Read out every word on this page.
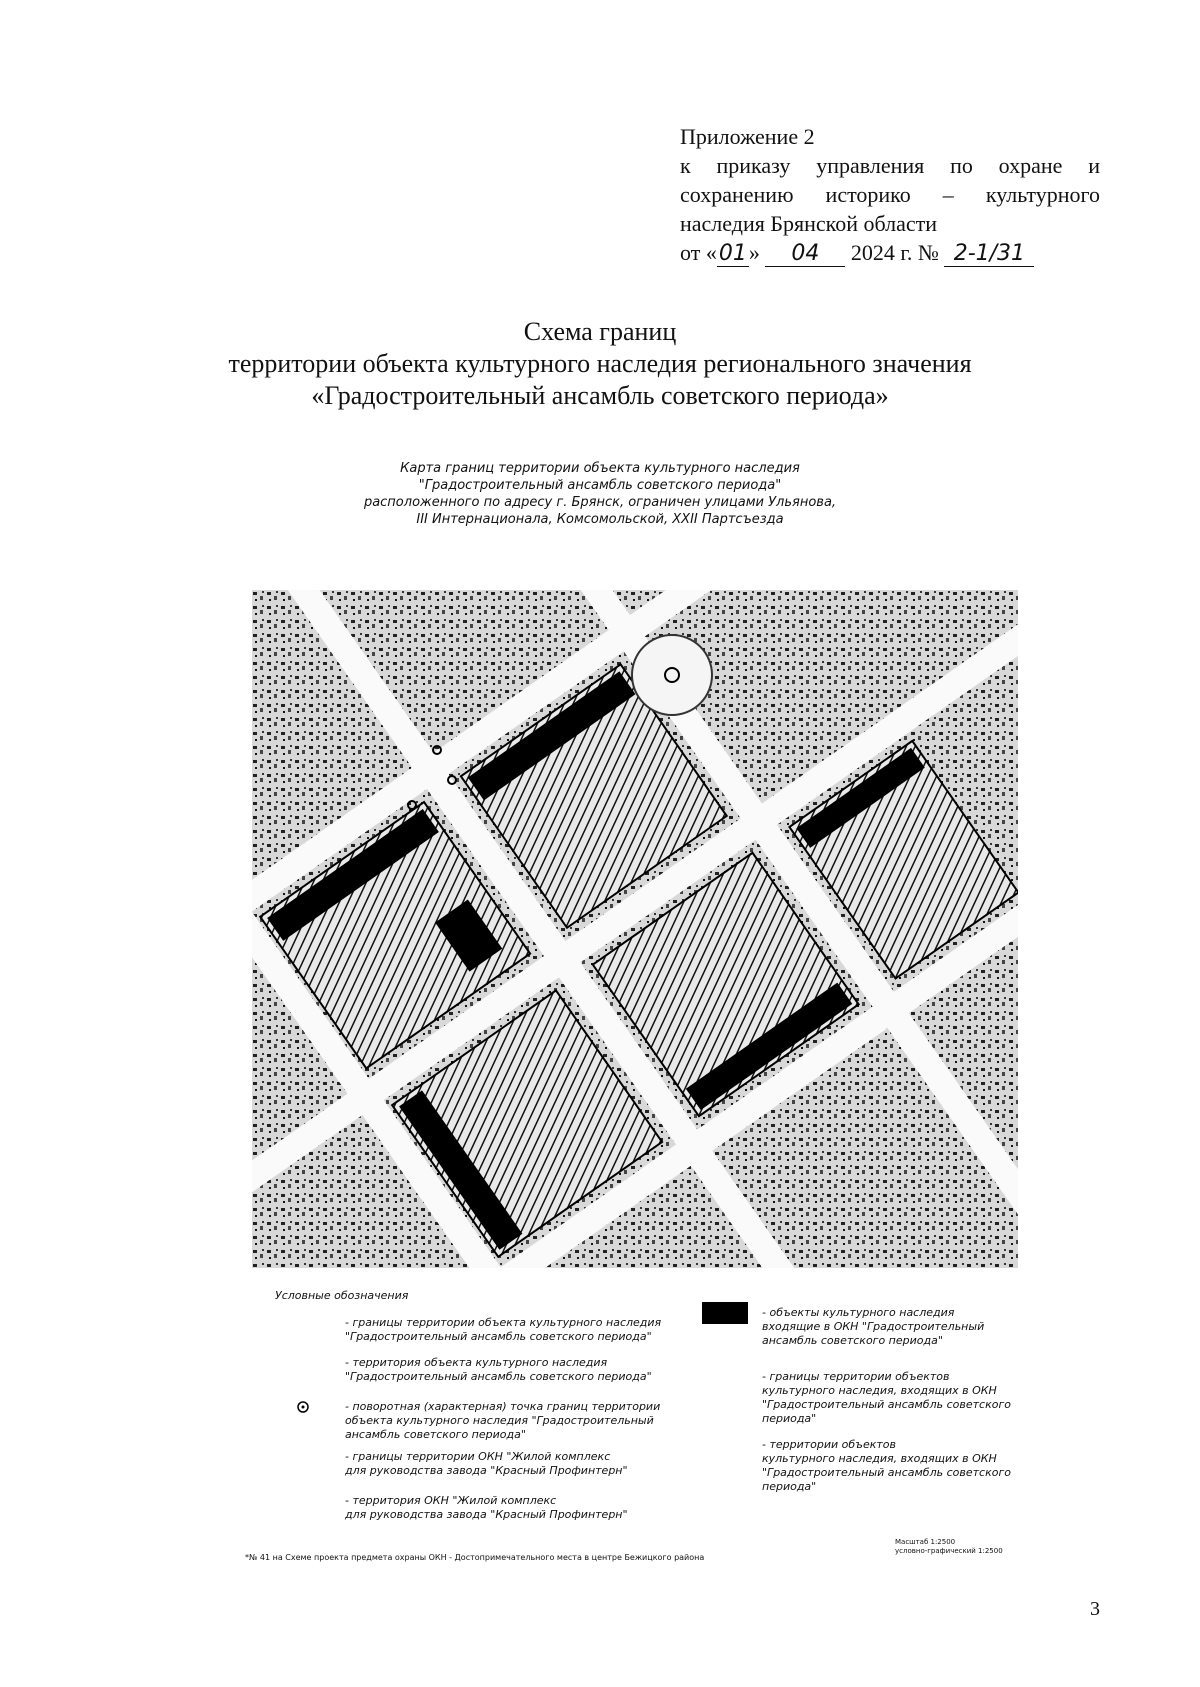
Приложение 2
к приказу управления по охране и
сохранению историко – культурного
наследия Брянской области
от «01» 04 2024 г. № 2-1/31
Схема границ
территории объекта культурного наследия регионального значения
«Градостроительный ансамбль советского периода»
Карта границ территории объекта культурного наследия
"Градостроительный ансамбль советского периода"
расположенного по адресу г. Брянск, ограничен улицами Ульянова,
III Интернационала, Комсомольской, XXII Партсъезда
Условные обозначения
- границы территории объекта культурного наследия
"Градостроительный ансамбль советского периода"
- территория объекта культурного наследия
"Градостроительный ансамбль советского периода"
- поворотная (характерная) точка границ территории
объекта культурного наследия "Градостроительный
ансамбль советского периода"
- границы территории ОКН "Жилой комплекс
для руководства завода "Красный Профинтерн"
- территория ОКН "Жилой комплекс
для руководства завода "Красный Профинтерн"
- объекты культурного наследия
входящие в ОКН "Градостроительный
ансамбль советского периода"
- границы территории объектов
культурного наследия, входящих в ОКН
"Градостроительный ансамбль советского
периода"
- территории объектов
культурного наследия, входящих в ОКН
"Градостроительный ансамбль советского
периода"
*№ 41 на Схеме проекта предмета охраны ОКН - Достопримечательного места в центре Бежицкого района
Масштаб 1:2500
условно-графический 1:2500
3
